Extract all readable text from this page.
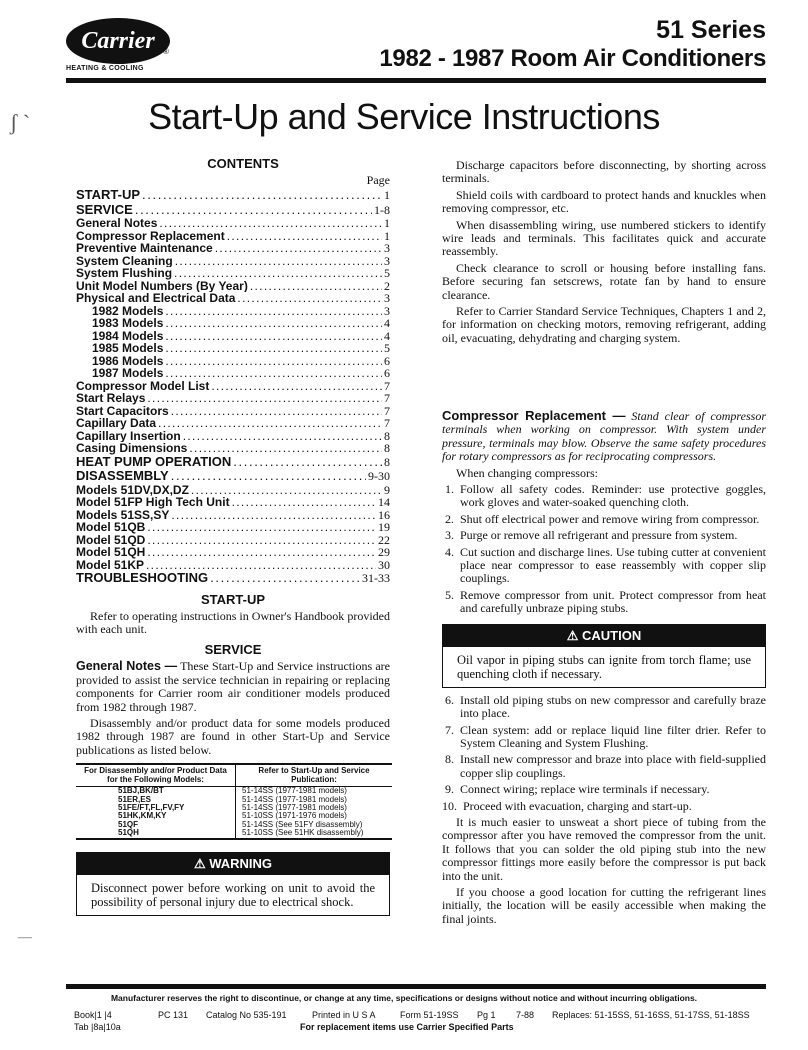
Carrier ®
HEATING & COOLING
51 Series
1982 - 1987 Room Air Conditioners
Start-Up and Service Instructions
ʃ ˋ
CONTENTS
Page
START-UP . . .	1
SERVICE . . .	1-8
General Notes . . .	1
Compressor Replacement . . .	1
Preventive Maintenance . . .	3
System Cleaning . . .	3
System Flushing . . .	5
Unit Model Numbers (By Year) . . .	2
Physical and Electrical Data . . .	3
1982 Models . . .	3
1983 Models . . .	4
1984 Models . . .	4
1985 Models . . .	5
1986 Models . . .	6
1987 Models . . .	6
Compressor Model List . . .	7
Start Relays . . .	7
Start Capacitors . . .	7
Capillary Data . . .	7
Capillary Insertion . . .	8
Casing Dimensions . . .	8
HEAT PUMP OPERATION . . .	8
DISASSEMBLY . . .	9-30
Models 51DV,DX,DZ . . .	9
Model 51FP High Tech Unit . . .	14
Models 51SS,SY . . .	16
Model 51QB . . .	19
Model 51QD . . .	22
Model 51QH . . .	29
Model 51KP . . .	30
TROUBLESHOOTING . . .	31-33
START-UP

Refer to operating instructions in Owner's Handbook provided with each unit.

SERVICE

General Notes — These Start-Up and Service instructions are provided to assist the service technician in repairing or replacing components for Carrier room air conditioner models produced from 1982 through 1987.

Disassembly and/or product data for some models produced 1982 through 1987 are found in other Start-Up and Service publications as listed below.

For Disassembly and/or Product Data for the Following Models:
Refer to Start-Up and Service Publication:
51BJ,BK/BT	51-14SS (1977-1981 models)
51ER,ES	51-14SS (1977-1981 models)
51FE/FT,FL,FV,FY	51-14SS (1977-1981 models)
51HK,KM,KY	51-10SS (1971-1976 models)
51QF	51-14SS (See 51FY disassembly)
51QH	51-10SS (See 51HK disassembly)
⚠ WARNING
Disconnect power before working on unit to avoid the possibility of personal injury due to electrical shock.

Discharge capacitors before disconnecting, by shorting across terminals.

Shield coils with cardboard to protect hands and knuckles when removing compressor, etc.

When disassembling wiring, use numbered stickers to identify wire leads and terminals. This facilitates quick and accurate reassembly.

Check clearance to scroll or housing before installing fans. Before securing fan setscrews, rotate fan by hand to ensure clearance.

Refer to Carrier Standard Service Techniques, Chapters 1 and 2, for information on checking motors, removing refrigerant, adding oil, evacuating, dehydrating and charging system.

Compressor Replacement — Stand clear of compressor terminals when working on compressor. With system under pressure, terminals may blow. Observe the same safety procedures for rotary compressors as for reciprocating compressors.

When changing compressors:

1. Follow all safety codes. Reminder: use protective goggles, work gloves and water-soaked quenching cloth.
2. Shut off electrical power and remove wiring from compressor.
3. Purge or remove all refrigerant and pressure from system.
4. Cut suction and discharge lines. Use tubing cutter at convenient place near compressor to ease reassembly with copper slip couplings.
5. Remove compressor from unit. Protect compressor from heat and carefully unbraze piping stubs.
⚠ CAUTION
Oil vapor in piping stubs can ignite from torch flame; use quenching cloth if necessary.
6. Install old piping stubs on new compressor and carefully braze into place.
7. Clean system: add or replace liquid line filter drier. Refer to System Cleaning and System Flushing.
8. Install new compressor and braze into place with field-supplied copper slip couplings.
9. Connect wiring; replace wire terminals if necessary.
10. Proceed with evacuation, charging and start-up.

It is much easier to unsweat a short piece of tubing from the compressor after you have removed the compressor from the unit. It follows that you can solder the old piping stub into the new compressor fittings more easily before the compressor is put back into the unit.

If you choose a good location for cutting the refrigerant lines initially, the location will be easily accessible when making the final joints.

—
Manufacturer reserves the right to discontinue, or change at any time, specifications or designs without notice and without incurring obligations.
Book|1 |4
Tab |8a|10a
PC 131 Catalog No 535-191	Printed in U S A	Form 51-19SS Pg 1 7-88 Replaces: 51-15SS, 51-16SS, 51-17SS, 51-18SS
For replacement items use Carrier Specified Parts
